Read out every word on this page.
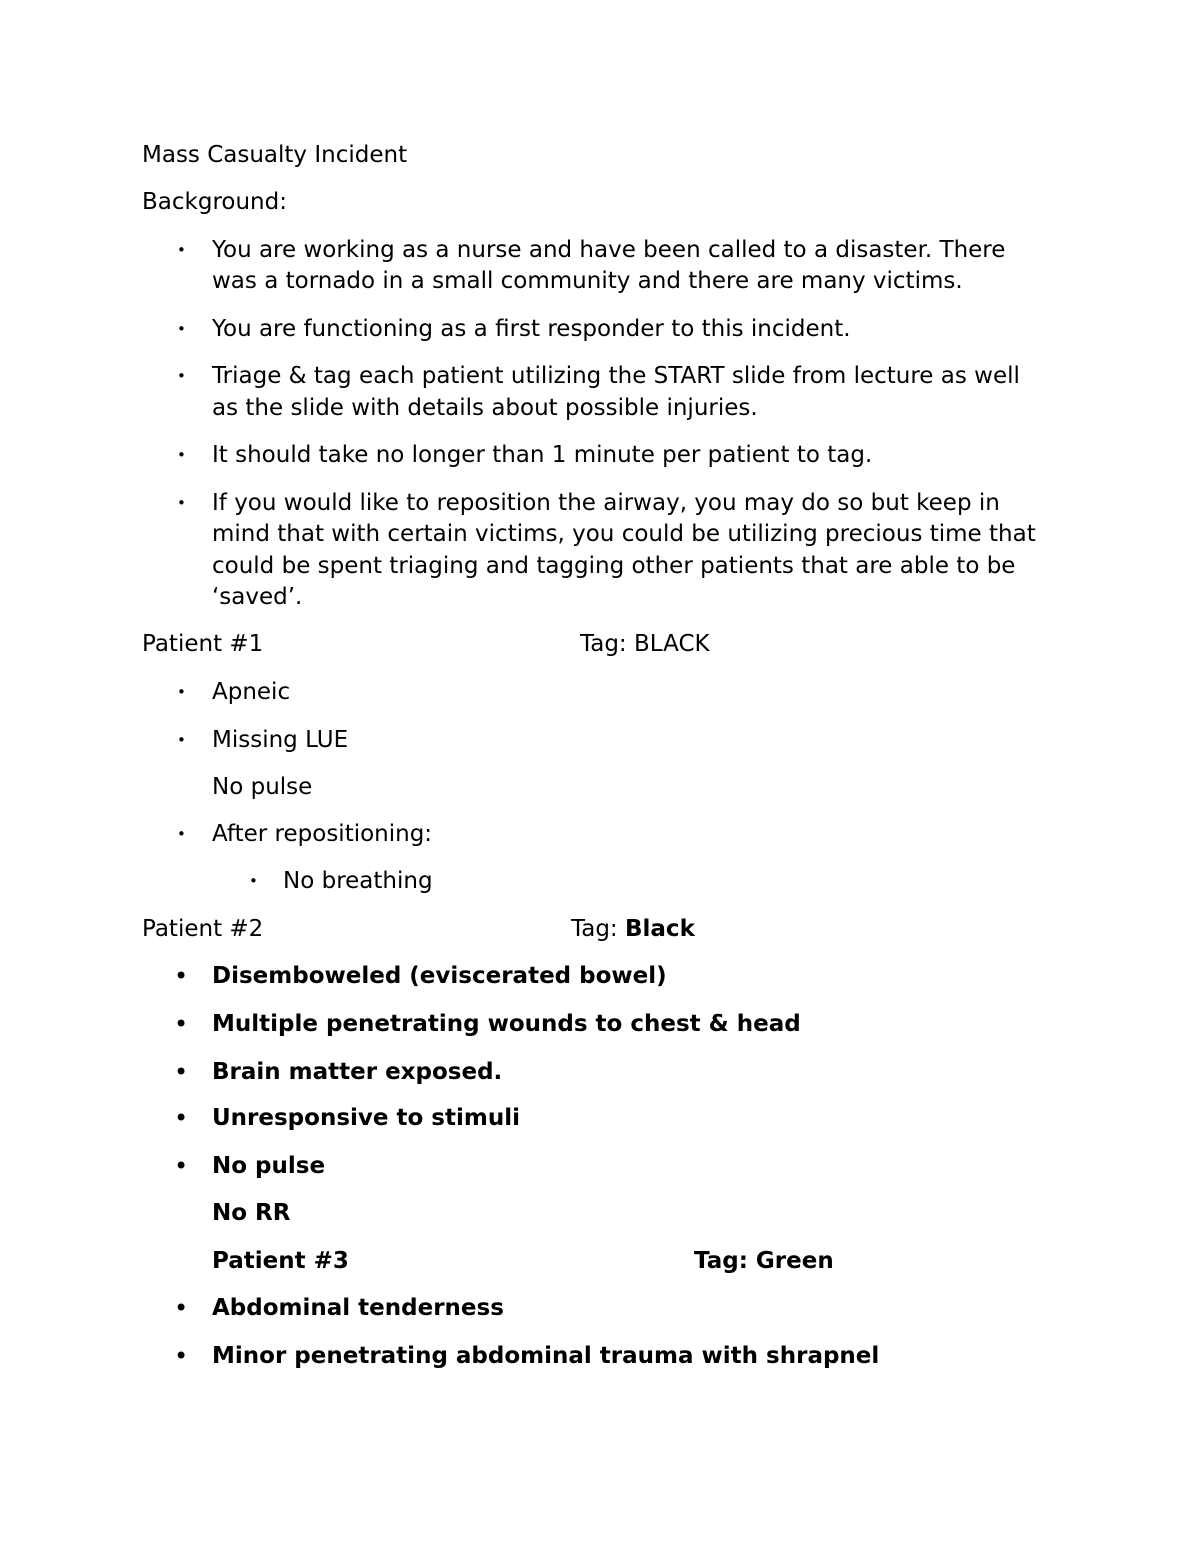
Mass Casualty Incident
Background:
• You are working as a nurse and have been called to a disaster. There
was a tornado in a small community and there are many victims.
• You are functioning as a first responder to this incident.
• Triage & tag each patient utilizing the START slide from lecture as well
as the slide with details about possible injuries.
• It should take no longer than 1 minute per patient to tag.
• If you would like to reposition the airway, you may do so but keep in
mind that with certain victims, you could be utilizing precious time that
could be spent triaging and tagging other patients that are able to be
‘saved’.
Patient #1	Tag: BLACK
• Apneic
• Missing LUE
No pulse
• After repositioning:
• No breathing
Patient #2	Tag: Black
• Disemboweled (eviscerated bowel)
• Multiple penetrating wounds to chest & head
• Brain matter exposed.
• Unresponsive to stimuli
• No pulse
No RR
Patient #3	Tag: Green
• Abdominal tenderness
• Minor penetrating abdominal trauma with shrapnel
